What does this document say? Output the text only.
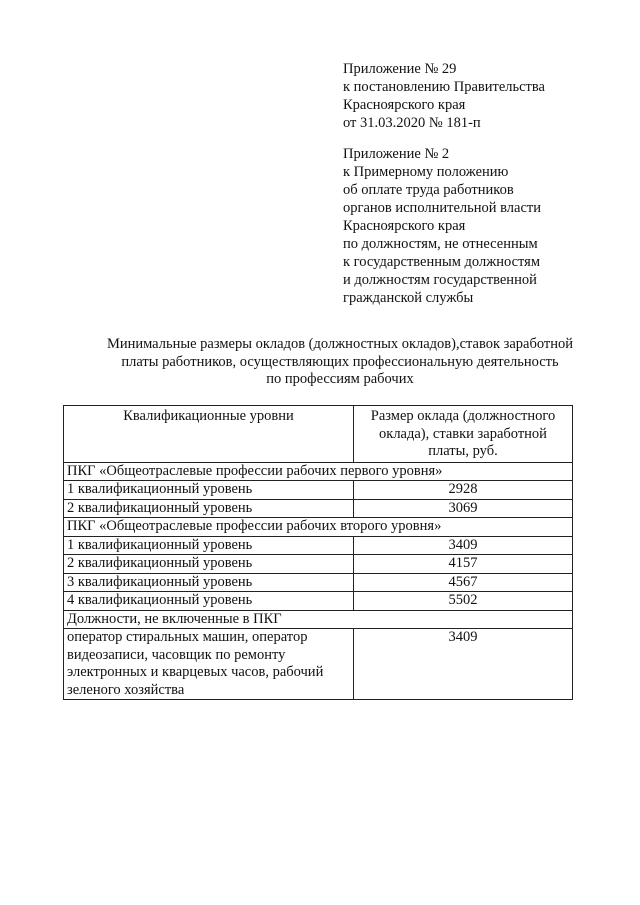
Приложение № 29
к постановлению Правительства
Красноярского края
от 31.03.2020 № 181-п
Приложение № 2
к Примерному положению
об оплате труда работников
органов исполнительной власти
Красноярского края
по должностям, не отнесенным
к государственным должностям
и должностям государственной
гражданской службы
Минимальные размеры окладов (должностных окладов),ставок заработной
платы работников, осуществляющих профессиональную деятельность
по профессиям рабочих
Квалификационные уровни	Размер оклада (должностного
оклада), ставки заработной
платы, руб.

ПКГ «Общеотраслевые профессии рабочих первого уровня»	
1 квалификационный уровень	2928
2 квалификационный уровень	3069
ПКГ «Общеотраслевые профессии рабочих второго уровня»	
1 квалификационный уровень	3409
2 квалификационный уровень	4157
3 квалификационный уровень	4567
4 квалификационный уровень	5502
Должности, не включенные в ПКГ	

оператор стиральных машин, оператор
видеозаписи, часовщик по ремонту
электронных и кварцевых часов, рабочий
зеленого хозяйства	3409
